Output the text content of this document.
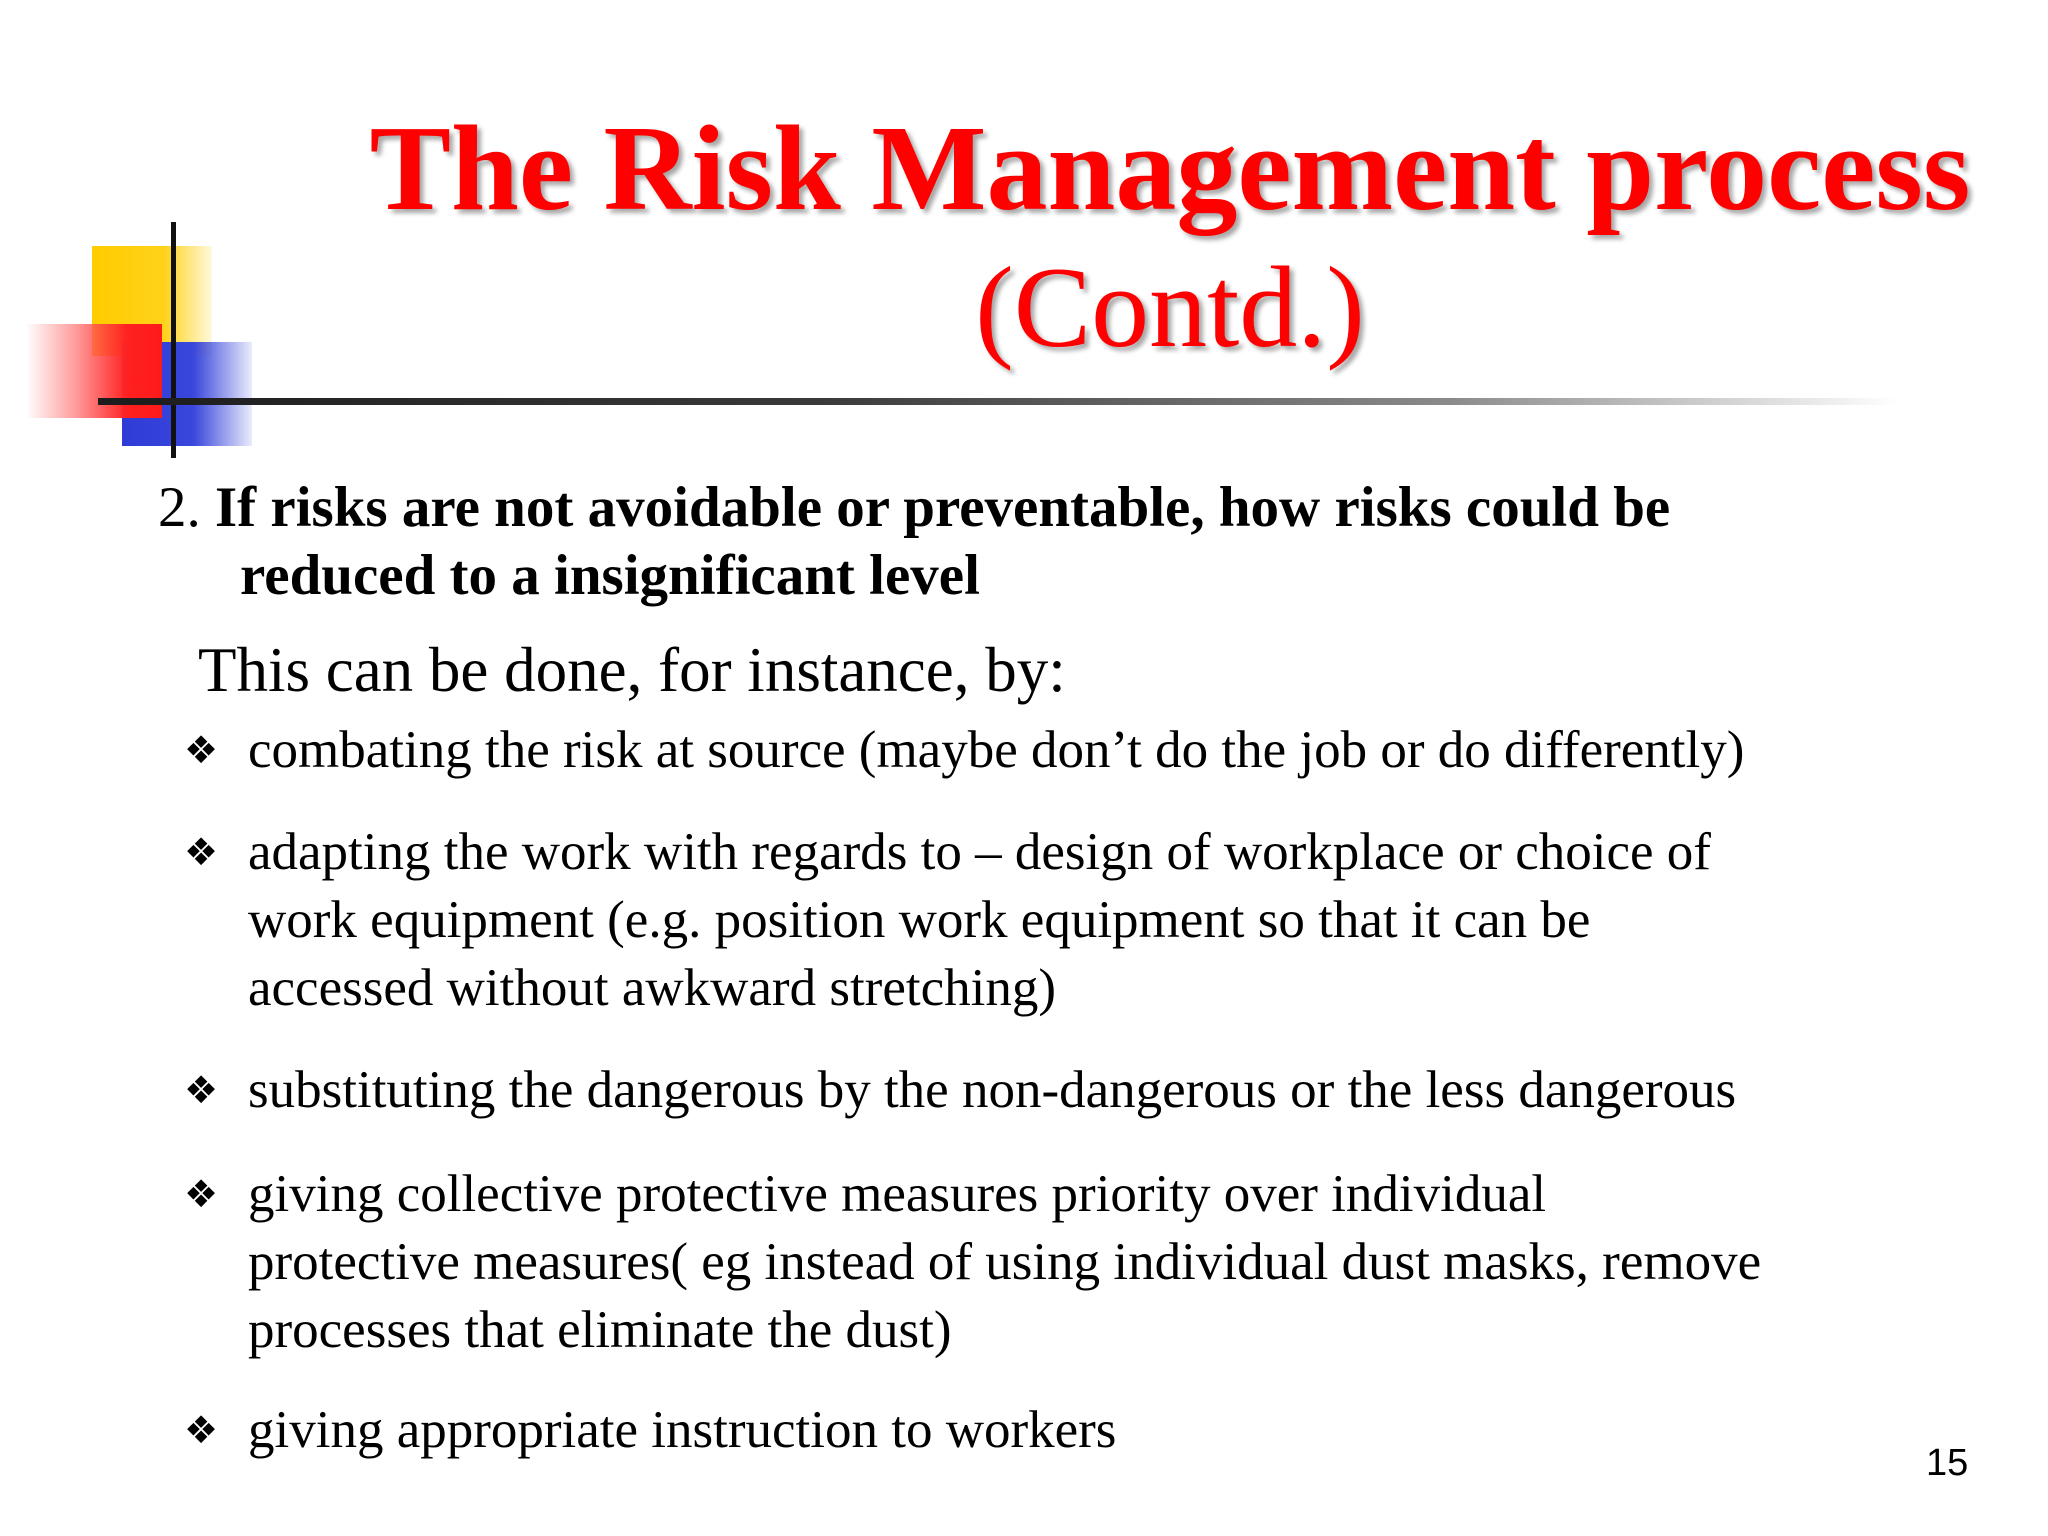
The Risk Management process
(Contd.)
2. If risks are not avoidable or preventable, how risks could be
reduced to a insignificant level
This can be done, for instance, by:
❖ combating the risk at source (maybe don’t do the job or do differently)
❖ adapting the work with regards to – design of workplace or choice of
work equipment (e.g. position work equipment so that it can be
accessed without awkward stretching)
❖ substituting the dangerous by the non-dangerous or the less dangerous
❖ giving collective protective measures priority over individual
protective measures( eg instead of using individual dust masks, remove
processes that eliminate the dust)
❖ giving appropriate instruction to workers
15
